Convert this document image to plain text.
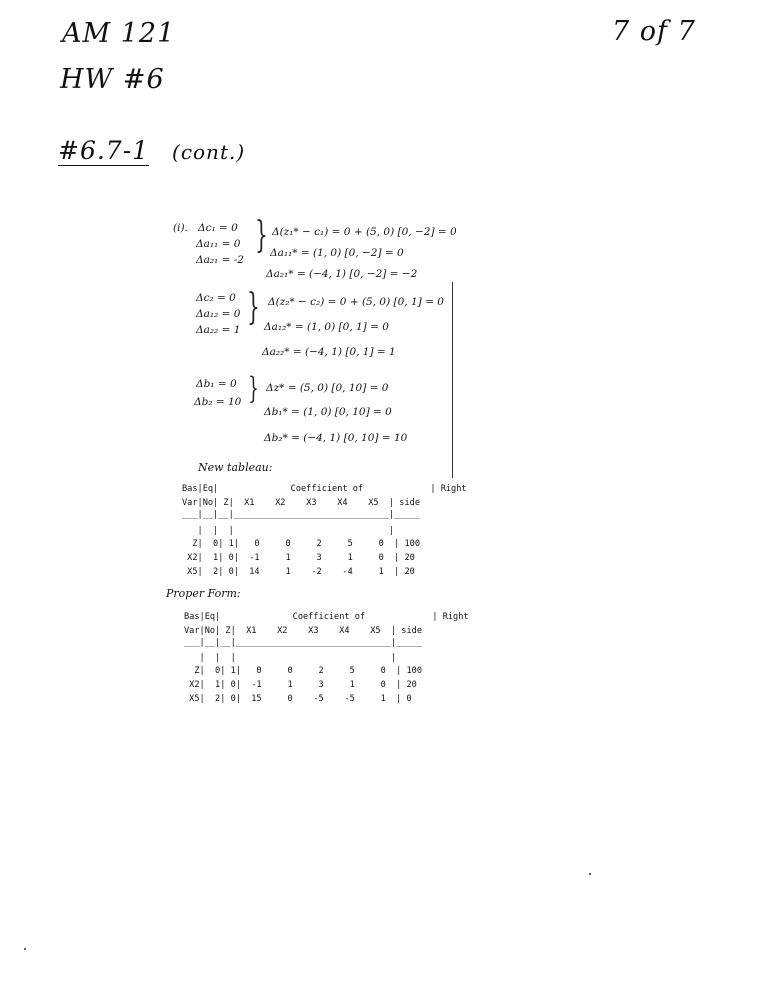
AM 121
HW #6
7 of 7
#6.7-1 (cont.)
(i). Δc₁ = 0
Δa₁₁ = 0
Δa₂₁ = -2
} Δ(z₁* − c₁) = 0 + (5, 0) [0, −2] = 0
Δa₁₁* = (1, 0) [0, −2] = 0
Δa₂₁* = (−4, 1) [0, −2] = −2
Δc₂ = 0
Δa₁₂ = 0
Δa₂₂ = 1
} Δ(z₂* − c₂) = 0 + (5, 0) [0, 1] = 0
Δa₁₂* = (1, 0) [0, 1] = 0
Δa₂₂* = (−4, 1) [0, 1] = 1
Δb₁ = 0
Δb₂ = 10 } Δz* = (5, 0) [0, 10] = 0
Δb₁* = (1, 0) [0, 10] = 0
Δb₂* = (−4, 1) [0, 10] = 10
New tableau:
Bas|Eq|              Coefficient of             | Right
Var|No| Z|  X1    X2    X3    X4    X5  | side
___|__|__|______________________________|_____
|  |  |                              |
Z|  0| 1|   0     0     2     5     0  | 100
X2|  1| 0|  -1     1     3     1     0  | 20
X5|  2| 0|  14     1    -2    -4     1  | 20
Proper Form:
Bas|Eq|              Coefficient of             | Right
Var|No| Z|  X1    X2    X3    X4    X5  | side
___|__|__|______________________________|_____
|  |  |                              |
Z|  0| 1|   0     0     2     5     0  | 100
X2|  1| 0|  -1     1     3     1     0  | 20
X5|  2| 0|  15     0    -5    -5     1  | 0
